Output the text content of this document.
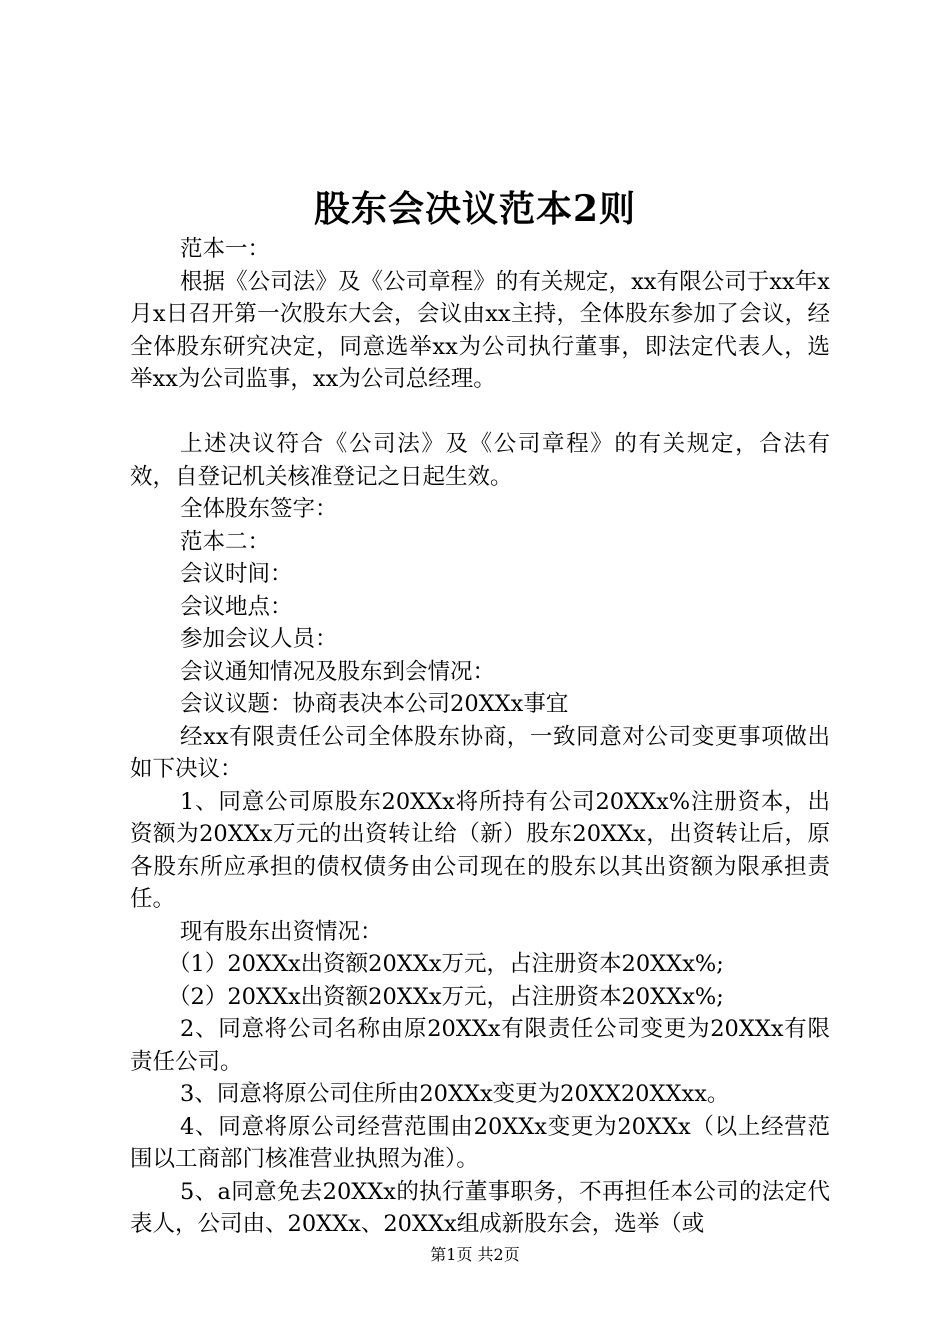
股东会决议范本2则

范本一：

根据《公司法》及《公司章程》的有关规定，xx有限公司于xx年x月x日召开第一次股东大会，会议由xx主持，全体股东参加了会议，经全体股东研究决定，同意选举xx为公司执行董事，即法定代表人，选举xx为公司监事，xx为公司总经理。

上述决议符合《公司法》及《公司章程》的有关规定，合法有效，自登记机关核准登记之日起生效。

全体股东签字：

范本二：

会议时间：

会议地点：

参加会议人员：

会议通知情况及股东到会情况：

会议议题：协商表决本公司20XXx事宜

经xx有限责任公司全体股东协商，一致同意对公司变更事项做出如下决议：

1、同意公司原股东20XXx将所持有公司20XXx%注册资本，出资额为20XXx万元的出资转让给（新）股东20XXx，出资转让后，原各股东所应承担的债权债务由公司现在的股东以其出资额为限承担责任。

现有股东出资情况：

（1）20XXx出资额20XXx万元，占注册资本20XXx%;

（2）20XXx出资额20XXx万元，占注册资本20XXx%;

2、同意将公司名称由原20XXx有限责任公司变更为20XXx有限责任公司。

3、同意将原公司住所由20XXx变更为20XX20XXxx。

4、同意将原公司经营范围由20XXx变更为20XXx（以上经营范围以工商部门核准营业执照为准）。

5、a同意免去20XXx的执行董事职务，不再担任本公司的法定代表人，公司由、20XXx、20XXx组成新股东会，选举（或

第1页 共2页
